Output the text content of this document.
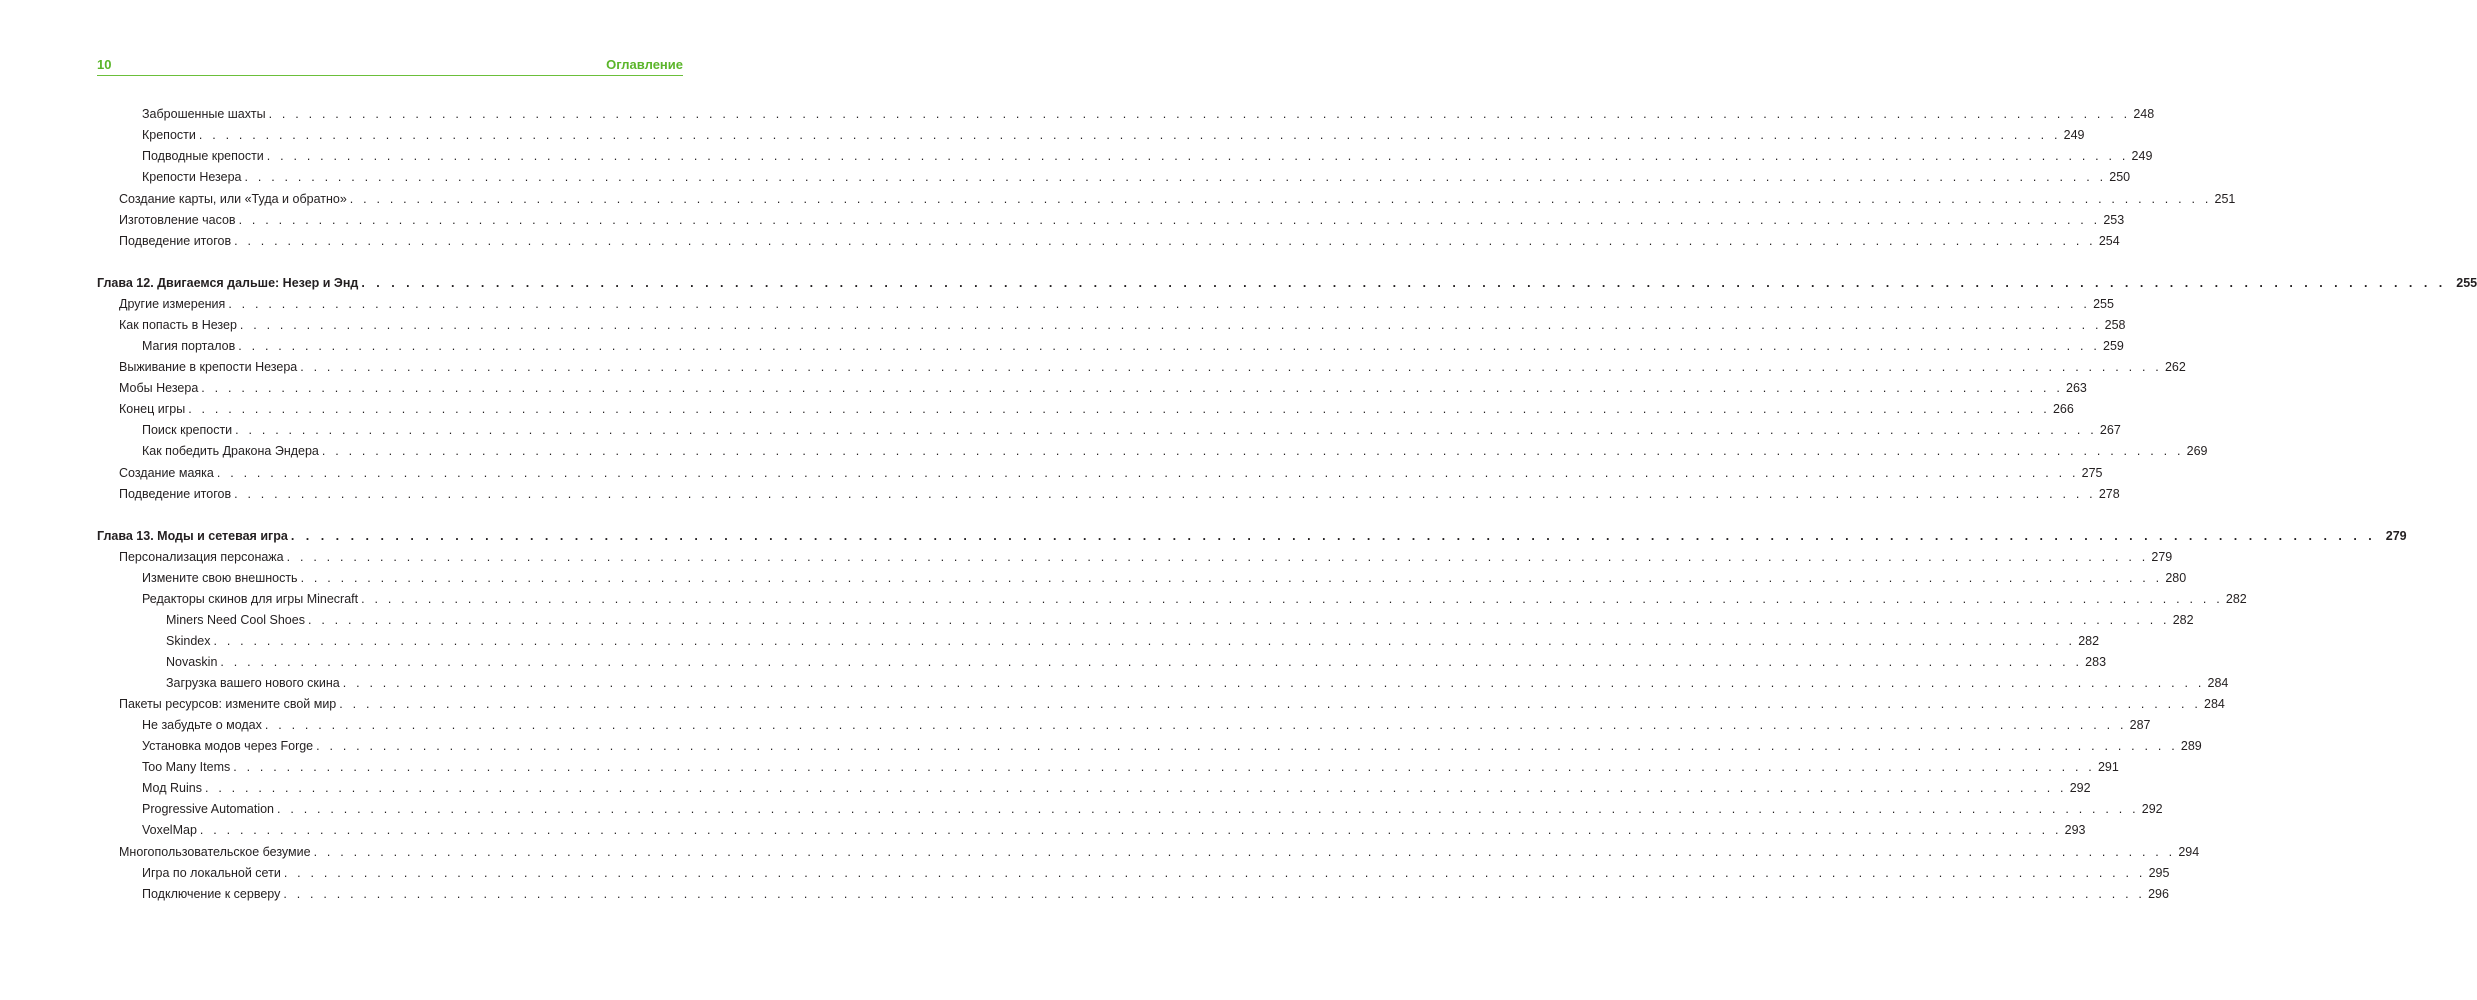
10	Оглавление
Заброшенные шахты . . . . . . . . . . . . . . . . . . . . . . . . . . . . . . . . . . . . . . . . . . . . . . . . . . . . . . . . . . . . . . . . . . . . . . . . . . . . . . . . . . . . . . . . . . . . . . . . . . . . . . . . . . . . . . . . . . . . . . . . . . . . . . . . . . . . . . . . . . . . 248
Крепости . . . . . . . . . . . . . . . . . . . . . . . . . . . . . . . . . . . . . . . . . . . . . . . . . . . . . . . . . . . . . . . . . . . . . . . . . . . . . . . . . . . . . . . . . . . . . . . . . . . . . . . . . . . . . . . . . . . . . . . . . . . . . . . . . . . . . . . . . . . . 249
Подводные крепости . . . . . . . . . . . . . . . . . . . . . . . . . . . . . . . . . . . . . . . . . . . . . . . . . . . . . . . . . . . . . . . . . . . . . . . . . . . . . . . . . . . . . . . . . . . . . . . . . . . . . . . . . . . . . . . . . . . . . . . . . . . . . . . . . . . . . . . . . . . . 249
Крепости Незера . . . . . . . . . . . . . . . . . . . . . . . . . . . . . . . . . . . . . . . . . . . . . . . . . . . . . . . . . . . . . . . . . . . . . . . . . . . . . . . . . . . . . . . . . . . . . . . . . . . . . . . . . . . . . . . . . . . . . . . . . . . . . . . . . . . . . . . . . . . . 250
Создание карты, или «Туда и обратно» . . . . . . . . . . . . . . . . . . . . . . . . . . . . . . . . . . . . . . . . . . . . . . . . . . . . . . . . . . . . . . . . . . . . . . . . . . . . . . . . . . . . . . . . . . . . . . . . . . . . . . . . . . . . . . . . . . . . . . . . . . . . . . . . . . . . . . . . . . . . 251
Изготовление часов . . . . . . . . . . . . . . . . . . . . . . . . . . . . . . . . . . . . . . . . . . . . . . . . . . . . . . . . . . . . . . . . . . . . . . . . . . . . . . . . . . . . . . . . . . . . . . . . . . . . . . . . . . . . . . . . . . . . . . . . . . . . . . . . . . . . . . . . . . . . 253
Подведение итогов . . . . . . . . . . . . . . . . . . . . . . . . . . . . . . . . . . . . . . . . . . . . . . . . . . . . . . . . . . . . . . . . . . . . . . . . . . . . . . . . . . . . . . . . . . . . . . . . . . . . . . . . . . . . . . . . . . . . . . . . . . . . . . . . . . . . . . . . . . . . 254
Глава 12. Двигаемся дальше: Незер и Энд . . . . . . . . . . . . . . . . . . . . . . . . . . . . . . . . . . . . . . . . . . . . . . . . . . . . . . . . . . . . . . . . . . . . . . . . . . . . . . . . . . . . . . . . . . . . . . . . . . . . . . . . . . . . . . . . . . . . . . . . . . . . . . . . . . . . . . . . . . . . 255
Другие измерения . . . . . . . . . . . . . . . . . . . . . . . . . . . . . . . . . . . . . . . . . . . . . . . . . . . . . . . . . . . . . . . . . . . . . . . . . . . . . . . . . . . . . . . . . . . . . . . . . . . . . . . . . . . . . . . . . . . . . . . . . . . . . . . . . . . . . . . . . . . . 255
Как попасть в Незер . . . . . . . . . . . . . . . . . . . . . . . . . . . . . . . . . . . . . . . . . . . . . . . . . . . . . . . . . . . . . . . . . . . . . . . . . . . . . . . . . . . . . . . . . . . . . . . . . . . . . . . . . . . . . . . . . . . . . . . . . . . . . . . . . . . . . . . . . . . . 258
Магия порталов . . . . . . . . . . . . . . . . . . . . . . . . . . . . . . . . . . . . . . . . . . . . . . . . . . . . . . . . . . . . . . . . . . . . . . . . . . . . . . . . . . . . . . . . . . . . . . . . . . . . . . . . . . . . . . . . . . . . . . . . . . . . . . . . . . . . . . . . . . . . 259
Выживание в крепости Незера . . . . . . . . . . . . . . . . . . . . . . . . . . . . . . . . . . . . . . . . . . . . . . . . . . . . . . . . . . . . . . . . . . . . . . . . . . . . . . . . . . . . . . . . . . . . . . . . . . . . . . . . . . . . . . . . . . . . . . . . . . . . . . . . . . . . . . . . . . . . 262
Мобы Незера . . . . . . . . . . . . . . . . . . . . . . . . . . . . . . . . . . . . . . . . . . . . . . . . . . . . . . . . . . . . . . . . . . . . . . . . . . . . . . . . . . . . . . . . . . . . . . . . . . . . . . . . . . . . . . . . . . . . . . . . . . . . . . . . . . . . . . . . . . . . 263
Конец игры . . . . . . . . . . . . . . . . . . . . . . . . . . . . . . . . . . . . . . . . . . . . . . . . . . . . . . . . . . . . . . . . . . . . . . . . . . . . . . . . . . . . . . . . . . . . . . . . . . . . . . . . . . . . . . . . . . . . . . . . . . . . . . . . . . . . . . . . . . . . 266
Поиск крепости . . . . . . . . . . . . . . . . . . . . . . . . . . . . . . . . . . . . . . . . . . . . . . . . . . . . . . . . . . . . . . . . . . . . . . . . . . . . . . . . . . . . . . . . . . . . . . . . . . . . . . . . . . . . . . . . . . . . . . . . . . . . . . . . . . . . . . . . . . . . 267
Как победить Дракона Эндера . . . . . . . . . . . . . . . . . . . . . . . . . . . . . . . . . . . . . . . . . . . . . . . . . . . . . . . . . . . . . . . . . . . . . . . . . . . . . . . . . . . . . . . . . . . . . . . . . . . . . . . . . . . . . . . . . . . . . . . . . . . . . . . . . . . . . . . . . . . . 269
Создание маяка . . . . . . . . . . . . . . . . . . . . . . . . . . . . . . . . . . . . . . . . . . . . . . . . . . . . . . . . . . . . . . . . . . . . . . . . . . . . . . . . . . . . . . . . . . . . . . . . . . . . . . . . . . . . . . . . . . . . . . . . . . . . . . . . . . . . . . . . . . . . 275
Подведение итогов . . . . . . . . . . . . . . . . . . . . . . . . . . . . . . . . . . . . . . . . . . . . . . . . . . . . . . . . . . . . . . . . . . . . . . . . . . . . . . . . . . . . . . . . . . . . . . . . . . . . . . . . . . . . . . . . . . . . . . . . . . . . . . . . . . . . . . . . . . . . 278
Глава 13. Моды и сетевая игра . . . . . . . . . . . . . . . . . . . . . . . . . . . . . . . . . . . . . . . . . . . . . . . . . . . . . . . . . . . . . . . . . . . . . . . . . . . . . . . . . . . . . . . . . . . . . . . . . . . . . . . . . . . . . . . . . . . . . . . . . . . . . . . . . . . . . . . . . . . . 279
Персонализация персонажа . . . . . . . . . . . . . . . . . . . . . . . . . . . . . . . . . . . . . . . . . . . . . . . . . . . . . . . . . . . . . . . . . . . . . . . . . . . . . . . . . . . . . . . . . . . . . . . . . . . . . . . . . . . . . . . . . . . . . . . . . . . . . . . . . . . . . . . . . . . . 279
Измените свою внешность . . . . . . . . . . . . . . . . . . . . . . . . . . . . . . . . . . . . . . . . . . . . . . . . . . . . . . . . . . . . . . . . . . . . . . . . . . . . . . . . . . . . . . . . . . . . . . . . . . . . . . . . . . . . . . . . . . . . . . . . . . . . . . . . . . . . . . . . . . . . 280
Редакторы скинов для игры Minecraft . . . . . . . . . . . . . . . . . . . . . . . . . . . . . . . . . . . . . . . . . . . . . . . . . . . . . . . . . . . . . . . . . . . . . . . . . . . . . . . . . . . . . . . . . . . . . . . . . . . . . . . . . . . . . . . . . . . . . . . . . . . . . . . . . . . . . . . . . . . . 282
Miners Need Cool Shoes . . . . . . . . . . . . . . . . . . . . . . . . . . . . . . . . . . . . . . . . . . . . . . . . . . . . . . . . . . . . . . . . . . . . . . . . . . . . . . . . . . . . . . . . . . . . . . . . . . . . . . . . . . . . . . . . . . . . . . . . . . . . . . . . . . . . . . . . . . . . 282
Skindex . . . . . . . . . . . . . . . . . . . . . . . . . . . . . . . . . . . . . . . . . . . . . . . . . . . . . . . . . . . . . . . . . . . . . . . . . . . . . . . . . . . . . . . . . . . . . . . . . . . . . . . . . . . . . . . . . . . . . . . . . . . . . . . . . . . . . . . . . . . . 282
Novaskin . . . . . . . . . . . . . . . . . . . . . . . . . . . . . . . . . . . . . . . . . . . . . . . . . . . . . . . . . . . . . . . . . . . . . . . . . . . . . . . . . . . . . . . . . . . . . . . . . . . . . . . . . . . . . . . . . . . . . . . . . . . . . . . . . . . . . . . . . . . . 283
Загрузка вашего нового скина . . . . . . . . . . . . . . . . . . . . . . . . . . . . . . . . . . . . . . . . . . . . . . . . . . . . . . . . . . . . . . . . . . . . . . . . . . . . . . . . . . . . . . . . . . . . . . . . . . . . . . . . . . . . . . . . . . . . . . . . . . . . . . . . . . . . . . . . . . . . 284
Пакеты ресурсов: измените свой мир . . . . . . . . . . . . . . . . . . . . . . . . . . . . . . . . . . . . . . . . . . . . . . . . . . . . . . . . . . . . . . . . . . . . . . . . . . . . . . . . . . . . . . . . . . . . . . . . . . . . . . . . . . . . . . . . . . . . . . . . . . . . . . . . . . . . . . . . . . . . 284
Не забудьте о модах . . . . . . . . . . . . . . . . . . . . . . . . . . . . . . . . . . . . . . . . . . . . . . . . . . . . . . . . . . . . . . . . . . . . . . . . . . . . . . . . . . . . . . . . . . . . . . . . . . . . . . . . . . . . . . . . . . . . . . . . . . . . . . . . . . . . . . . . . . . . 287
Установка модов через Forge . . . . . . . . . . . . . . . . . . . . . . . . . . . . . . . . . . . . . . . . . . . . . . . . . . . . . . . . . . . . . . . . . . . . . . . . . . . . . . . . . . . . . . . . . . . . . . . . . . . . . . . . . . . . . . . . . . . . . . . . . . . . . . . . . . . . . . . . . . . . 289
Too Many Items . . . . . . . . . . . . . . . . . . . . . . . . . . . . . . . . . . . . . . . . . . . . . . . . . . . . . . . . . . . . . . . . . . . . . . . . . . . . . . . . . . . . . . . . . . . . . . . . . . . . . . . . . . . . . . . . . . . . . . . . . . . . . . . . . . . . . . . . . . . . 291
Мод Ruins . . . . . . . . . . . . . . . . . . . . . . . . . . . . . . . . . . . . . . . . . . . . . . . . . . . . . . . . . . . . . . . . . . . . . . . . . . . . . . . . . . . . . . . . . . . . . . . . . . . . . . . . . . . . . . . . . . . . . . . . . . . . . . . . . . . . . . . . . . . . 292
Progressive Automation . . . . . . . . . . . . . . . . . . . . . . . . . . . . . . . . . . . . . . . . . . . . . . . . . . . . . . . . . . . . . . . . . . . . . . . . . . . . . . . . . . . . . . . . . . . . . . . . . . . . . . . . . . . . . . . . . . . . . . . . . . . . . . . . . . . . . . . . . . . . 292
VoxelMap . . . . . . . . . . . . . . . . . . . . . . . . . . . . . . . . . . . . . . . . . . . . . . . . . . . . . . . . . . . . . . . . . . . . . . . . . . . . . . . . . . . . . . . . . . . . . . . . . . . . . . . . . . . . . . . . . . . . . . . . . . . . . . . . . . . . . . . . . . . . 293
Многопользовательское безумие . . . . . . . . . . . . . . . . . . . . . . . . . . . . . . . . . . . . . . . . . . . . . . . . . . . . . . . . . . . . . . . . . . . . . . . . . . . . . . . . . . . . . . . . . . . . . . . . . . . . . . . . . . . . . . . . . . . . . . . . . . . . . . . . . . . . . . . . . . . . 294
Игра по локальной сети . . . . . . . . . . . . . . . . . . . . . . . . . . . . . . . . . . . . . . . . . . . . . . . . . . . . . . . . . . . . . . . . . . . . . . . . . . . . . . . . . . . . . . . . . . . . . . . . . . . . . . . . . . . . . . . . . . . . . . . . . . . . . . . . . . . . . . . . . . . . 295
Подключение к серверу . . . . . . . . . . . . . . . . . . . . . . . . . . . . . . . . . . . . . . . . . . . . . . . . . . . . . . . . . . . . . . . . . . . . . . . . . . . . . . . . . . . . . . . . . . . . . . . . . . . . . . . . . . . . . . . . . . . . . . . . . . . . . . . . . . . . . . . . . . . . 296
